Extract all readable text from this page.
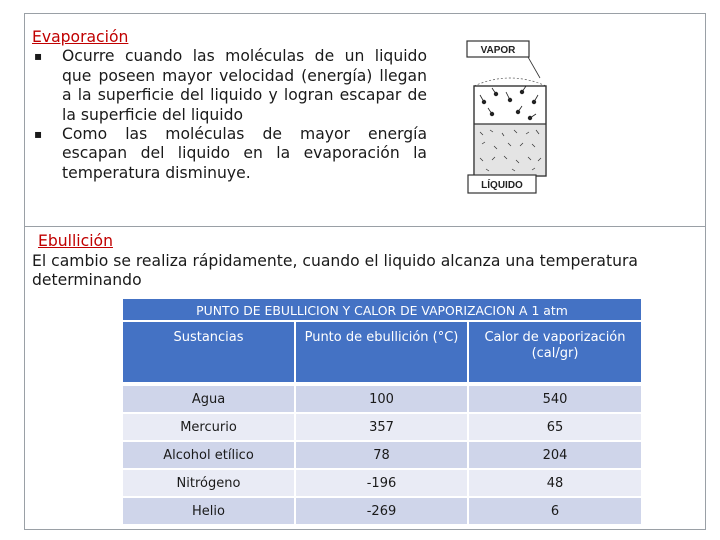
Evaporación
▪	Ocurre cuando las moléculas de un liquido que poseen mayor velocidad (energía) llegan a la superficie del liquido y logran escapar de la superficie del liquido
▪	Como las moléculas de mayor energía escapan del liquido en la evaporación la temperatura disminuye.
VAPOR
LÍQUIDO
Ebullición
El cambio se realiza rápidamente, cuando el liquido alcanza una temperatura determinando
PUNTO DE EBULLICION Y CALOR DE VAPORIZACION A 1 atm
Sustancias	Punto de ebullición (°C)	Calor de vaporización (cal/gr)
Agua	100	540
Mercurio	357	65
Alcohol etílico	78	204
Nitrógeno	-196	48
Helio	-269	6
